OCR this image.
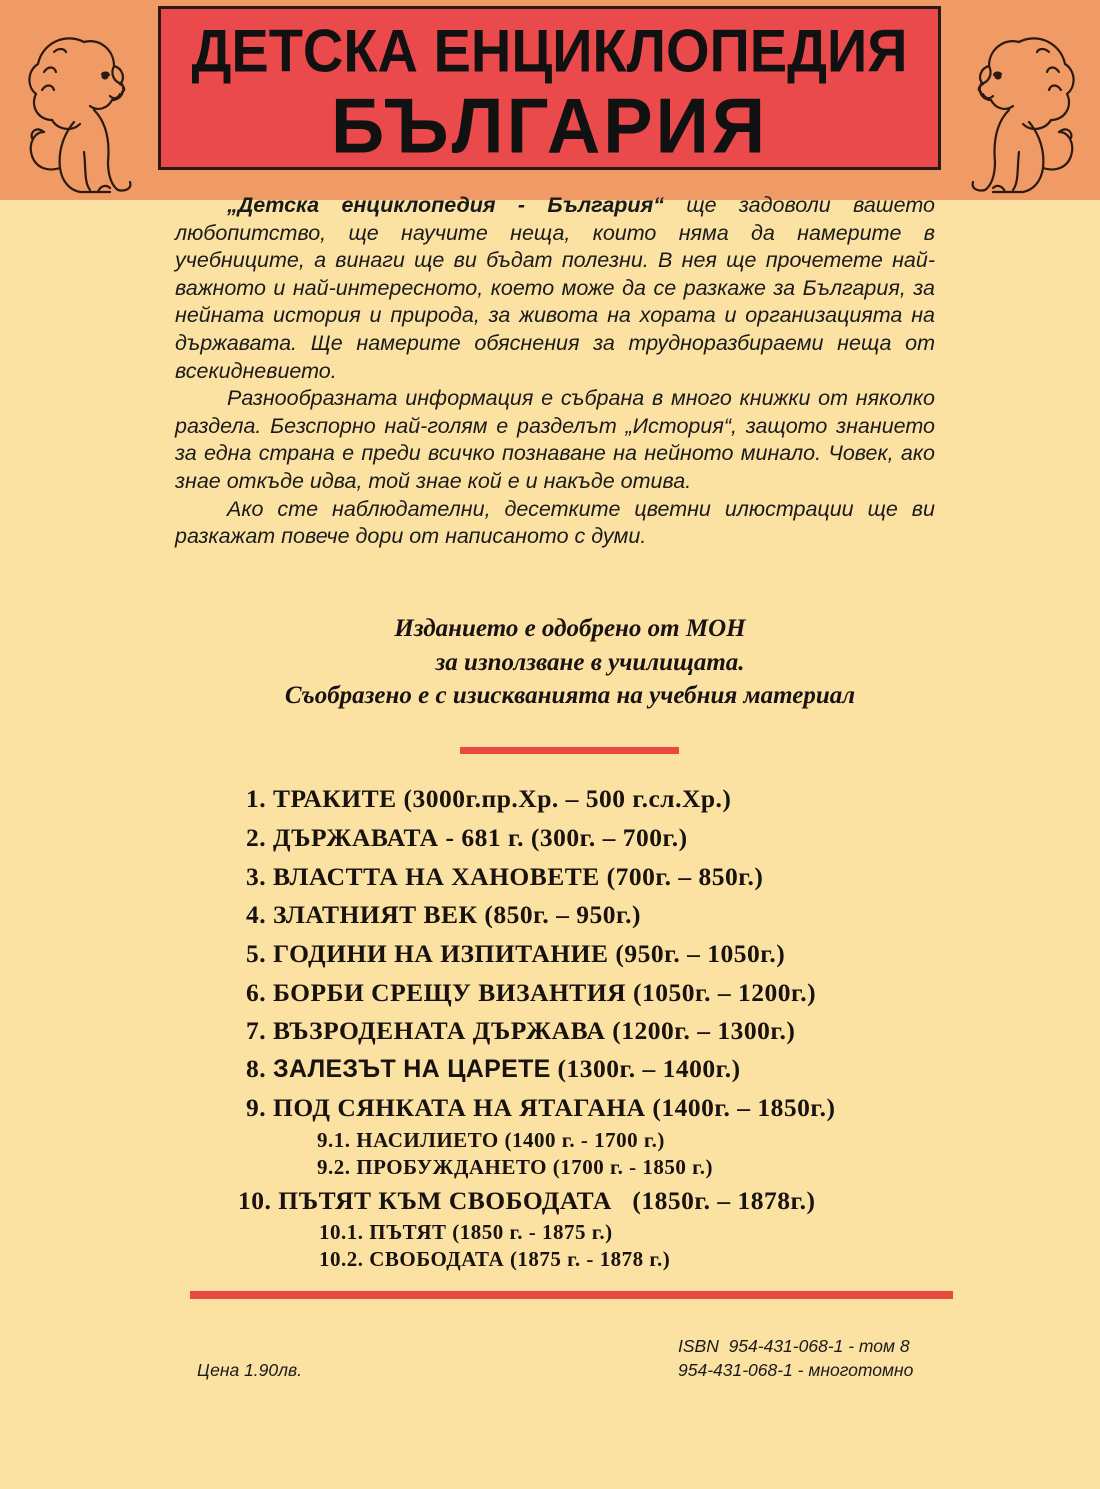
ДЕТСКА ЕНЦИКЛОПЕДИЯ
БЪЛГАРИЯ

„Детска енциклопедия - България“ ще задоволи вашето любопитство, ще научите неща, които няма да намерите в учебниците, а винаги ще ви бъдат полезни. В нея ще прочетете най-важното и най-интересното, което може да се разкаже за България, за нейната история и природа, за живота на хората и организацията на държавата. Ще намерите обяснения за трудноразбираеми неща от всекидневието.

Разнообразната информация е събрана в много книжки от няколко раздела. Безспорно най-голям е разделът „История“, защото знанието за една страна е преди всичко познаване на нейното минало. Човек, ако знае откъде идва, той знае кой е и накъде отива.

Ако сте наблюдателни, десетките цветни илюстрации ще ви разкажат повече дори от написаното с думи.

Изданието е одобрено от МОН
за използване в училищата.
Съобразено е с изискванията на учебния материал
1. ТРАКИТЕ (3000г.пр.Хр. – 500 г.сл.Хр.)
2. ДЪРЖАВАТА - 681 г. (300г. – 700г.)
3. ВЛАСТТА НА ХАНОВЕТЕ (700г. – 850г.)
4. ЗЛАТНИЯТ ВЕК (850г. – 950г.)
5. ГОДИНИ НА ИЗПИТАНИЕ (950г. – 1050г.)
6. БОРБИ СРЕЩУ ВИЗАНТИЯ (1050г. – 1200г.)
7. ВЪЗРОДЕНАТА ДЪРЖАВА (1200г. – 1300г.)
8. ЗАЛЕЗЪТ НА ЦАРЕТЕ (1300г. – 1400г.)
9. ПОД СЯНКАТА НА ЯТАГАНА (1400г. – 1850г.)
9.1. НАСИЛИЕТО (1400 г. - 1700 г.)
9.2. ПРОБУЖДАНЕТО (1700 г. - 1850 г.)
10. ПЪТЯТ КЪМ СВОБОДАТА (1850г. – 1878г.)
10.1. ПЪТЯТ (1850 г. - 1875 г.)
10.2. СВОБОДАТА (1875 г. - 1878 г.)
ISBN  954-431-068-1 - том 8
954-431-068-1 - многотомно
Цена 1.90лв.
